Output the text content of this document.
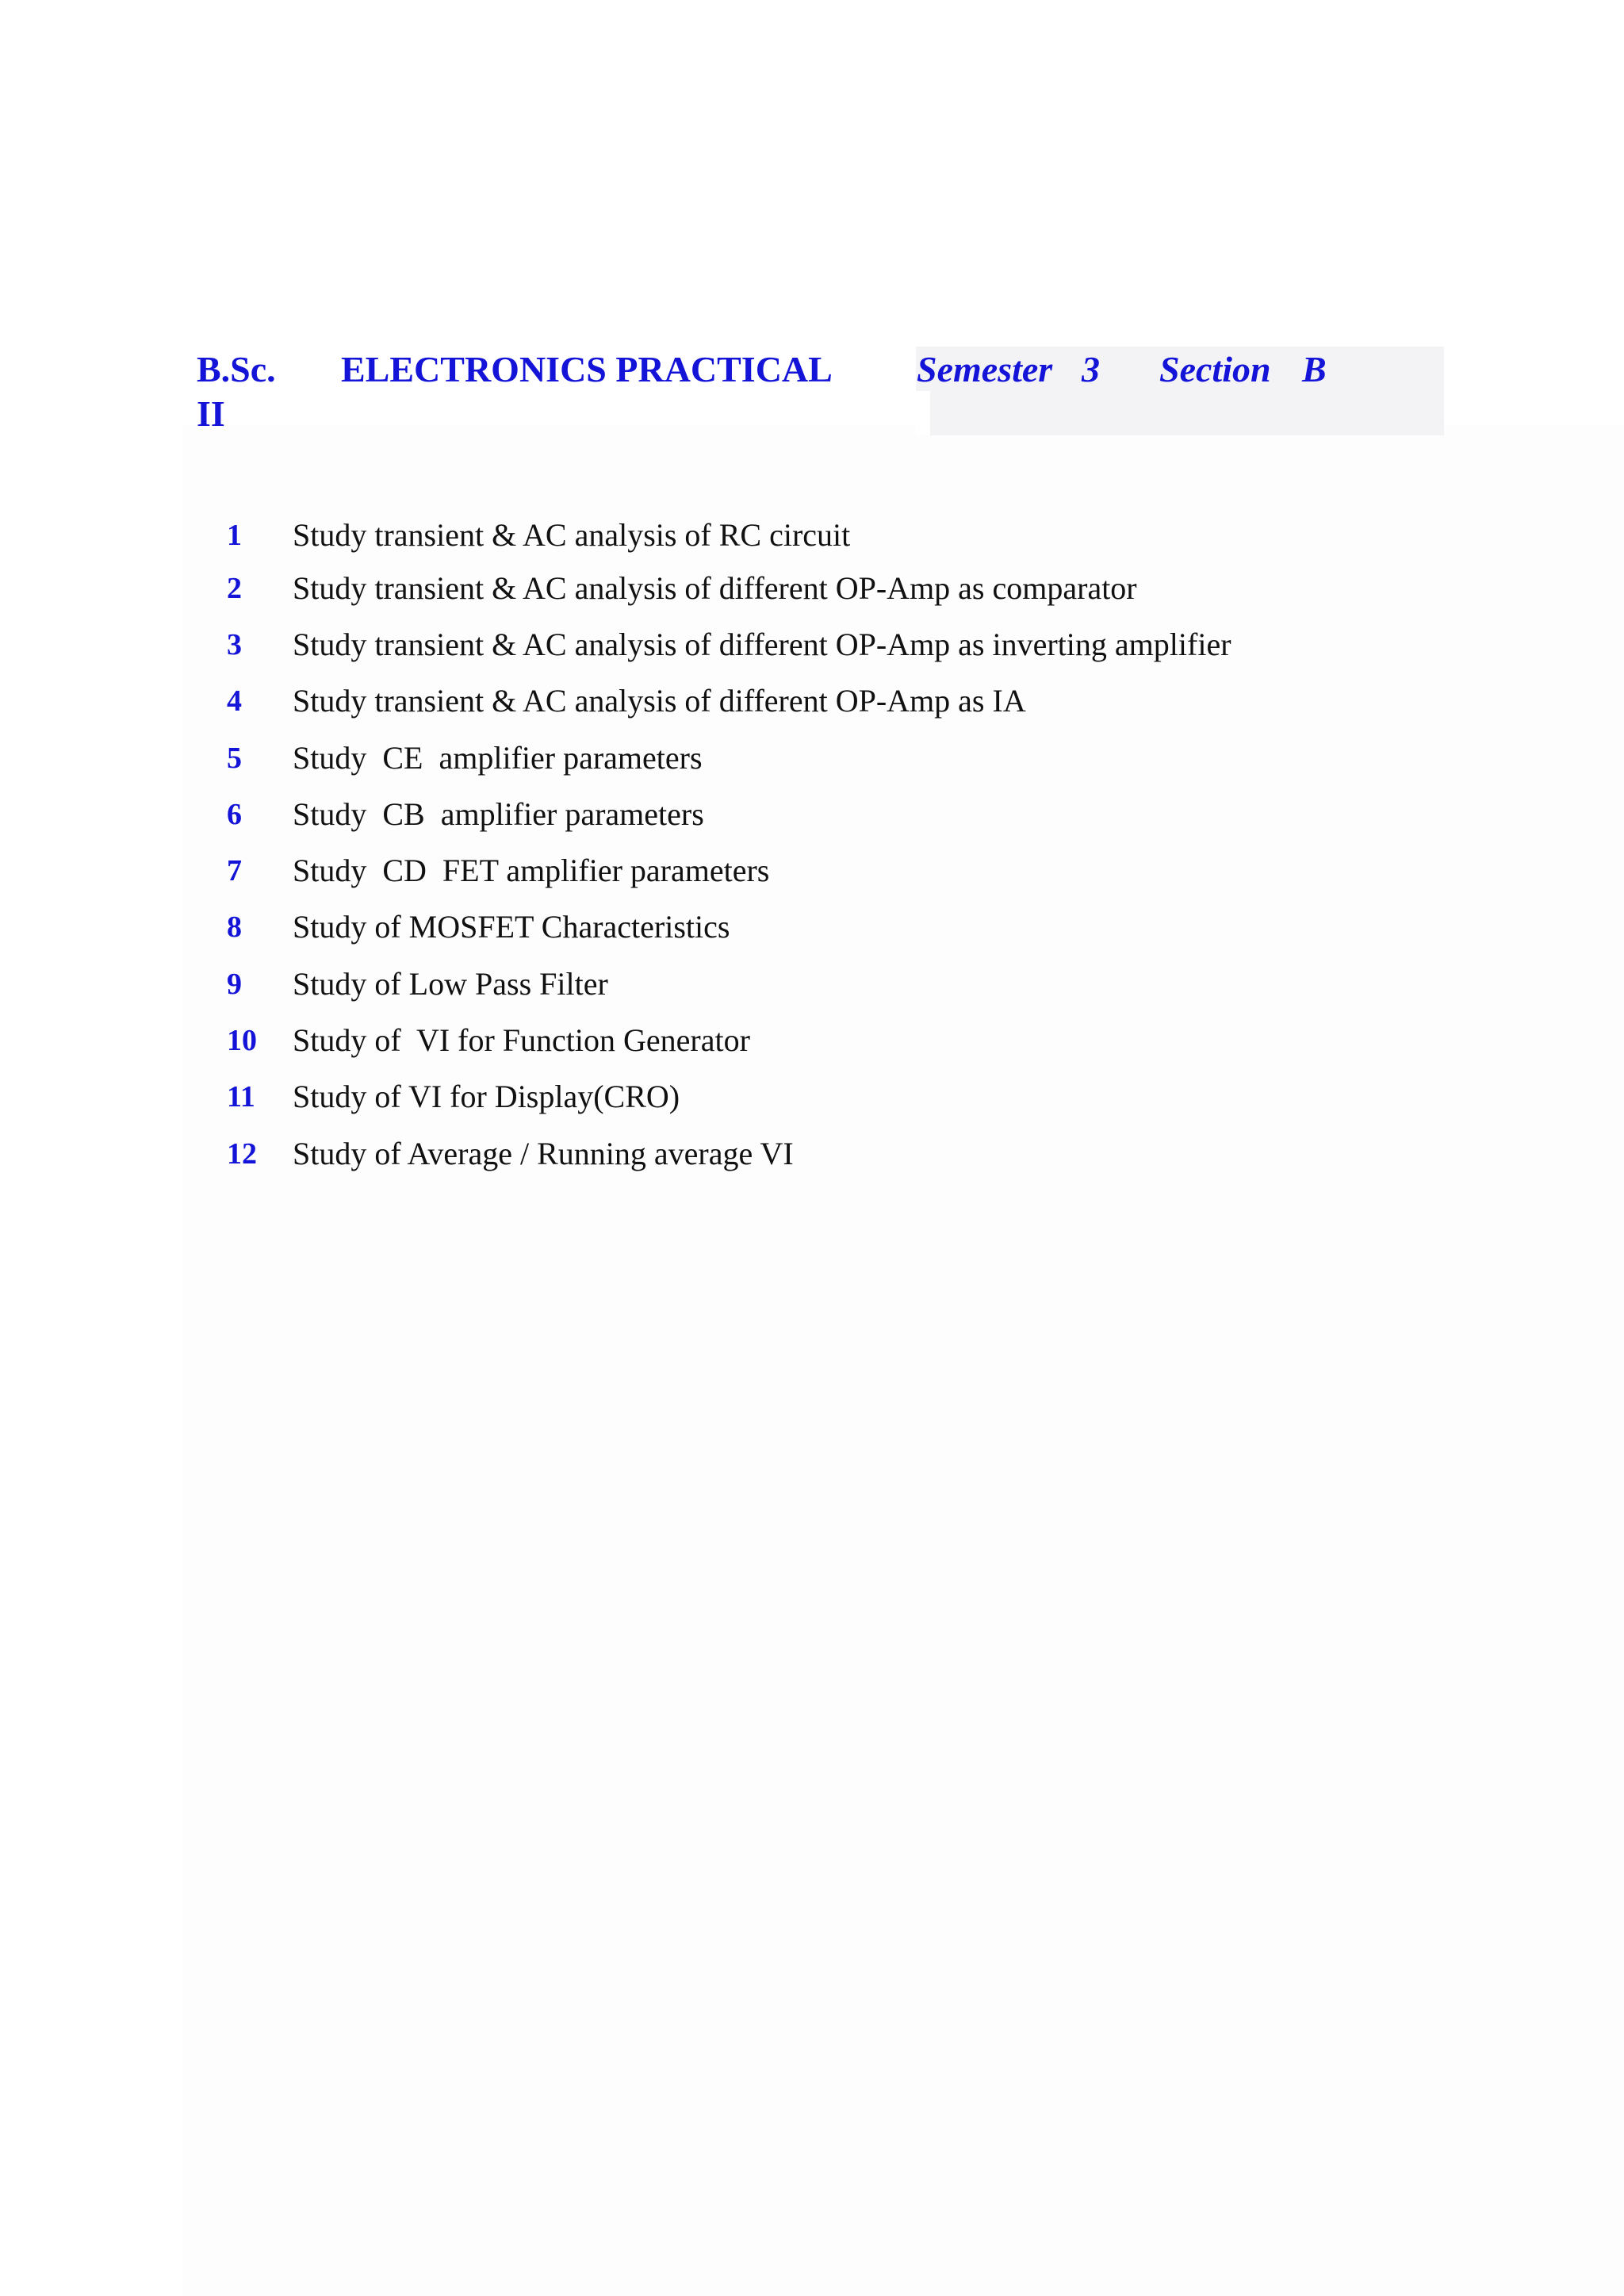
B.Sc.
II
ELECTRONICS PRACTICAL Semester 3 Section B
1 Study transient & AC analysis of RC circuit
2 Study transient & AC analysis of different OP-Amp as comparator
3 Study transient & AC analysis of different OP-Amp as inverting amplifier
4 Study transient & AC analysis of different OP-Amp as IA
5 Study  CE  amplifier parameters
6 Study  CB  amplifier parameters
7 Study  CD  FET amplifier parameters
8 Study of MOSFET Characteristics
9 Study of Low Pass Filter
10 Study of  VI for Function Generator
11 Study of VI for Display(CRO)
12 Study of Average / Running average VI
